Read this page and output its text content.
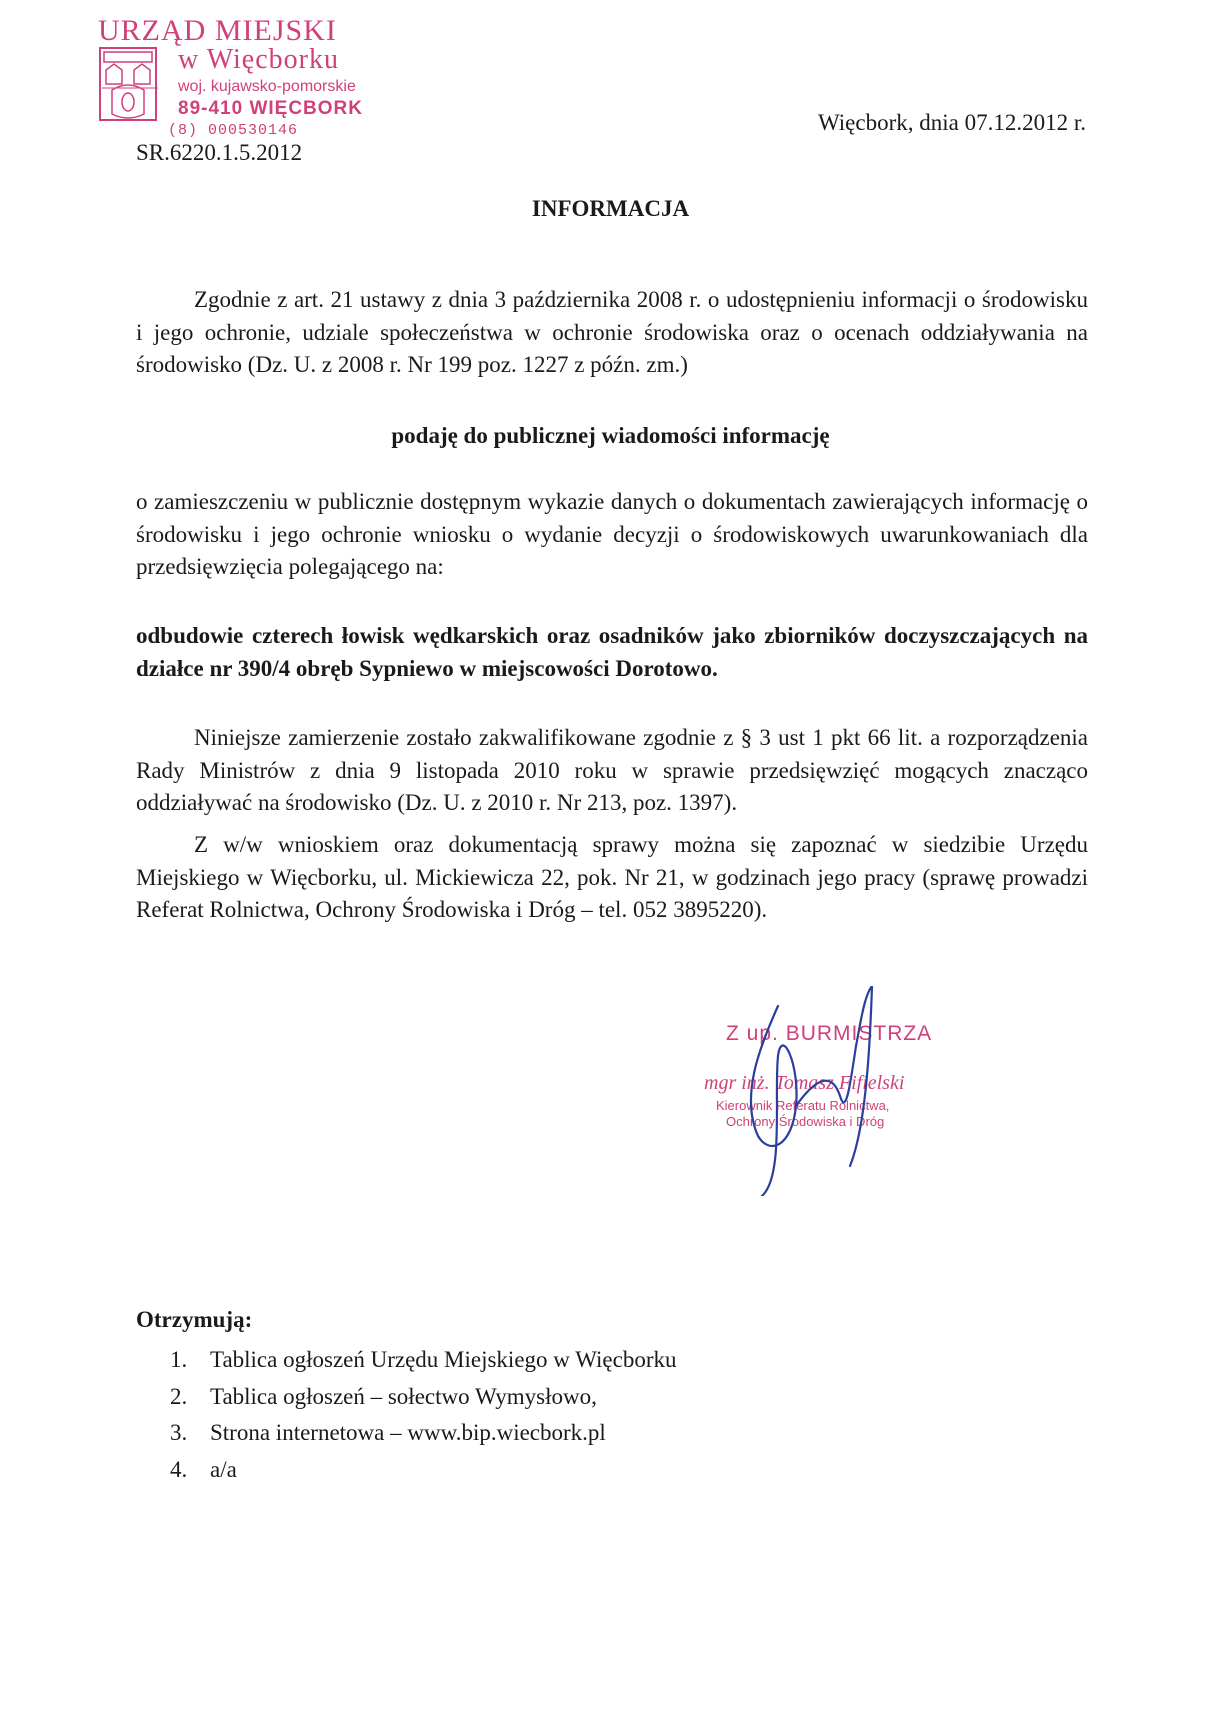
URZĄD MIEJSKI
w Więcborku
woj. kujawsko-pomorskie
89-410 WIĘCBORK
(8) 000530146
SR.6220.1.5.2012
Więcbork, dnia 07.12.2012 r.
INFORMACJA
Zgodnie z art. 21 ustawy z dnia 3 października 2008 r. o udostępnieniu informacji o środowisku i jego ochronie, udziale społeczeństwa w ochronie środowiska oraz o ocenach oddziaływania na środowisko (Dz. U. z 2008 r. Nr 199 poz. 1227 z późn. zm.)
podaję do publicznej wiadomości informację
o zamieszczeniu w publicznie dostępnym wykazie danych o dokumentach zawierających informację o środowisku i jego ochronie wniosku o wydanie decyzji o środowiskowych uwarunkowaniach dla przedsięwzięcia polegającego na:
odbudowie czterech łowisk wędkarskich oraz osadników jako zbiorników doczyszczających na działce nr 390/4 obręb Sypniewo w miejscowości Dorotowo.
Niniejsze zamierzenie zostało zakwalifikowane zgodnie z § 3 ust 1 pkt 66 lit. a rozporządzenia Rady Ministrów z dnia 9 listopada 2010 roku w sprawie przedsięwzięć mogących znacząco oddziaływać na środowisko (Dz. U. z 2010 r. Nr 213, poz. 1397).
Z w/w wnioskiem oraz dokumentacją sprawy można się zapoznać w siedzibie Urzędu Miejskiego w Więcborku, ul. Mickiewicza 22, pok. Nr 21, w godzinach jego pracy (sprawę prowadzi Referat Rolnictwa, Ochrony Środowiska i Dróg – tel. 052 3895220).
Z up. BURMISTRZA
mgr inż. Tomasz Fifielski
Kierownik Referatu Rolnictwa,
Ochrony Środowiska i Dróg
Otrzymują:
1. Tablica ogłoszeń Urzędu Miejskiego w Więcborku
2. Tablica ogłoszeń – sołectwo Wymysłowo,
3. Strona internetowa – www.bip.wiecbork.pl
4. a/a
